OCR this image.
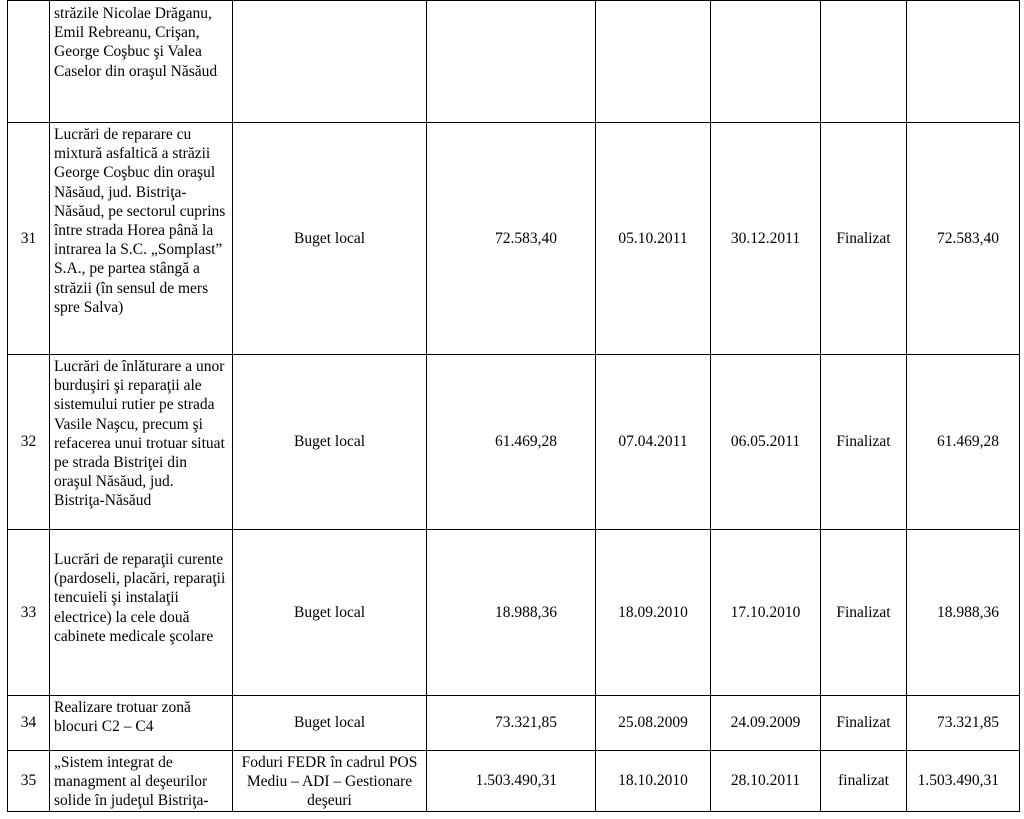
	străzile Nicolae Drăganu, Emil Rebreanu, Crişan, George Coşbuc şi Valea Caselor din oraşul Năsăud						
31	Lucrări de reparare cu mixtură asfaltică a străzii George Coşbuc din oraşul Năsăud, jud. Bistriţa-Năsăud, pe sectorul cuprins între strada Horea până la intrarea la S.C. „Somplast” S.A., pe partea stângă a străzii (în sensul de mers spre Salva)	Buget local	72.583,40	05.10.2011	30.12.2011	Finalizat	72.583,40
32	Lucrări de înlăturare a unor burduşiri şi reparaţii ale sistemului rutier pe strada Vasile Naşcu, precum şi refacerea unui trotuar situat pe strada Bistriţei din oraşul Năsăud, jud. Bistriţa-Năsăud	Buget local	61.469,28	07.04.2011	06.05.2011	Finalizat	61.469,28
33	Lucrări de reparaţii curente (pardoseli, placări, reparaţii tencuieli şi instalaţii electrice) la cele două cabinete medicale şcolare	Buget local	18.988,36	18.09.2010	17.10.2010	Finalizat	18.988,36
34	Realizare trotuar zonă blocuri C2 – C4	Buget local	73.321,85	25.08.2009	24.09.2009	Finalizat	73.321,85
35	„Sistem integrat de managment al deşeurilor solide în judeţul Bistriţa-	Foduri FEDR în cadrul POS Mediu – ADI – Gestionare deşeuri	1.503.490,31	18.10.2010	28.10.2011	finalizat	1.503.490,31
